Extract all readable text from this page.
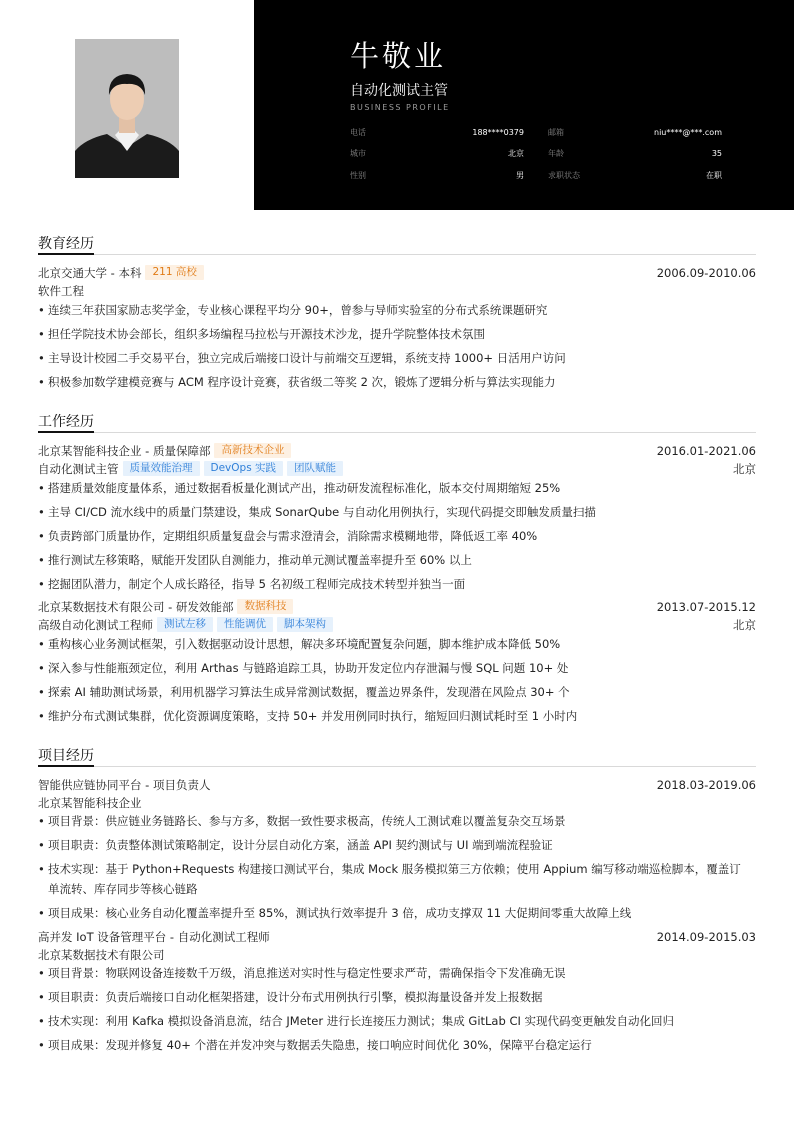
牛敬业
自动化测试主管
BUSINESS PROFILE
电话	188****0379	邮箱	niu****@***.com
城市	北京	年龄	35
性别	男	求职状态	在职
教育经历
北京交通大学 - 本科 211 高校	2006.09-2010.06
软件工程
• 连续三年获国家励志奖学金，专业核心课程平均分 90+，曾参与导师实验室的分布式系统课题研究
• 担任学院技术协会部长，组织多场编程马拉松与开源技术沙龙，提升学院整体技术氛围
• 主导设计校园二手交易平台，独立完成后端接口设计与前端交互逻辑，系统支持 1000+ 日活用户访问
• 积极参加数学建模竞赛与 ACM 程序设计竞赛，获省级二等奖 2 次，锻炼了逻辑分析与算法实现能力
工作经历
北京某智能科技企业 - 质量保障部 高新技术企业	2016.01-2021.06
自动化测试主管 质量效能治理 DevOps 实践 团队赋能	北京
• 搭建质量效能度量体系，通过数据看板量化测试产出，推动研发流程标准化，版本交付周期缩短 25%
• 主导 CI/CD 流水线中的质量门禁建设，集成 SonarQube 与自动化用例执行，实现代码提交即触发质量扫描
• 负责跨部门质量协作，定期组织质量复盘会与需求澄清会，消除需求模糊地带，降低返工率 40%
• 推行测试左移策略，赋能开发团队自测能力，推动单元测试覆盖率提升至 60% 以上
• 挖掘团队潜力，制定个人成长路径，指导 5 名初级工程师完成技术转型并独当一面
北京某数据技术有限公司 - 研发效能部 数据科技	2013.07-2015.12
高级自动化测试工程师 测试左移 性能调优 脚本架构	北京
• 重构核心业务测试框架，引入数据驱动设计思想，解决多环境配置复杂问题，脚本维护成本降低 50%
• 深入参与性能瓶颈定位，利用 Arthas 与链路追踪工具，协助开发定位内存泄漏与慢 SQL 问题 10+ 处
• 探索 AI 辅助测试场景，利用机器学习算法生成异常测试数据，覆盖边界条件，发现潜在风险点 30+ 个
• 维护分布式测试集群，优化资源调度策略，支持 50+ 并发用例同时执行，缩短回归测试耗时至 1 小时内
项目经历
智能供应链协同平台 - 项目负责人	2018.03-2019.06
北京某智能科技企业
• 项目背景：供应链业务链路长、参与方多，数据一致性要求极高，传统人工测试难以覆盖复杂交互场景
• 项目职责：负责整体测试策略制定，设计分层自动化方案，涵盖 API 契约测试与 UI 端到端流程验证
• 技术实现：基于 Python+Requests 构建接口测试平台，集成 Mock 服务模拟第三方依赖；使用 Appium 编写移动端巡检脚本，覆盖订
单流转、库存同步等核心链路
• 项目成果：核心业务自动化覆盖率提升至 85%，测试执行效率提升 3 倍，成功支撑双 11 大促期间零重大故障上线
高并发 IoT 设备管理平台 - 自动化测试工程师	2014.09-2015.03
北京某数据技术有限公司
• 项目背景：物联网设备连接数千万级，消息推送对实时性与稳定性要求严苛，需确保指令下发准确无误
• 项目职责：负责后端接口自动化框架搭建，设计分布式用例执行引擎，模拟海量设备并发上报数据
• 技术实现：利用 Kafka 模拟设备消息流，结合 JMeter 进行长连接压力测试；集成 GitLab CI 实现代码变更触发自动化回归
• 项目成果：发现并修复 40+ 个潜在并发冲突与数据丢失隐患，接口响应时间优化 30%，保障平台稳定运行
